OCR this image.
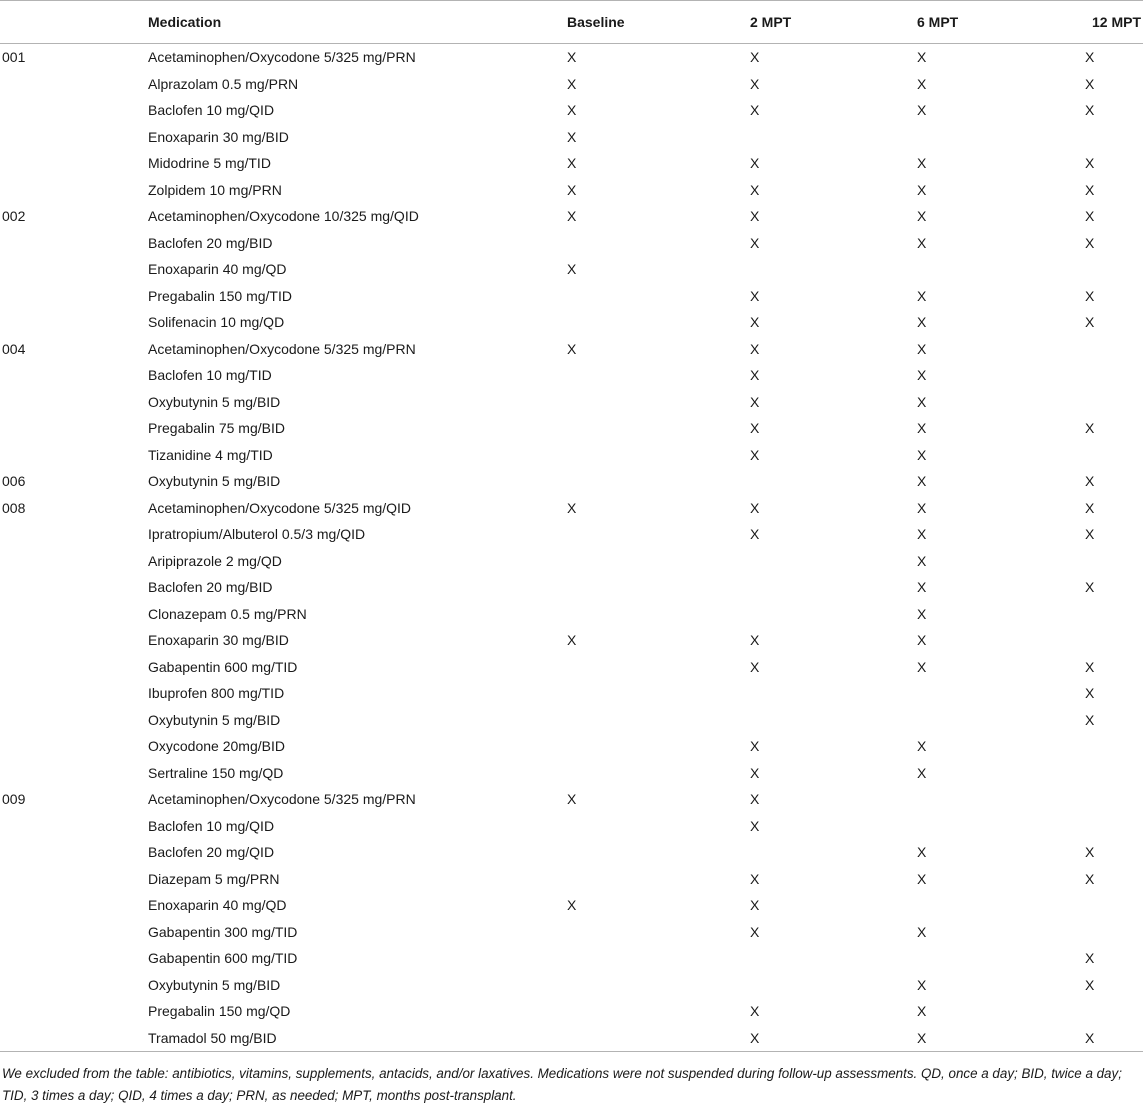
	Medication	Baseline	2 MPT	6 MPT	12 MPT
001	Acetaminophen/Oxycodone 5/325 mg/PRN	X	X	X	X
	Alprazolam 0.5 mg/PRN	X	X	X	X
	Baclofen 10 mg/QID	X	X	X	X
	Enoxaparin 30 mg/BID	X			
	Midodrine 5 mg/TID	X	X	X	X
	Zolpidem 10 mg/PRN	X	X	X	X
002	Acetaminophen/Oxycodone 10/325 mg/QID	X	X	X	X
	Baclofen 20 mg/BID		X	X	X
	Enoxaparin 40 mg/QD	X			
	Pregabalin 150 mg/TID		X	X	X
	Solifenacin 10 mg/QD		X	X	X
004	Acetaminophen/Oxycodone 5/325 mg/PRN	X	X	X	
	Baclofen 10 mg/TID		X	X	
	Oxybutynin 5 mg/BID		X	X	
	Pregabalin 75 mg/BID		X	X	X
	Tizanidine 4 mg/TID		X	X	
006	Oxybutynin 5 mg/BID			X	X
008	Acetaminophen/Oxycodone 5/325 mg/QID	X	X	X	X
	Ipratropium/Albuterol 0.5/3 mg/QID		X	X	X
	Aripiprazole 2 mg/QD			X	
	Baclofen 20 mg/BID			X	X
	Clonazepam 0.5 mg/PRN			X	
	Enoxaparin 30 mg/BID	X	X	X	
	Gabapentin 600 mg/TID		X	X	X
	Ibuprofen 800 mg/TID				X
	Oxybutynin 5 mg/BID				X
	Oxycodone 20mg/BID		X	X	
	Sertraline 150 mg/QD		X	X	
009	Acetaminophen/Oxycodone 5/325 mg/PRN	X	X		
	Baclofen 10 mg/QID		X		
	Baclofen 20 mg/QID			X	X
	Diazepam 5 mg/PRN		X	X	X
	Enoxaparin 40 mg/QD	X	X		
	Gabapentin 300 mg/TID		X	X	
	Gabapentin 600 mg/TID				X
	Oxybutynin 5 mg/BID			X	X
	Pregabalin 150 mg/QD		X	X	
	Tramadol 50 mg/BID		X	X	X
We excluded from the table: antibiotics, vitamins, supplements, antacids, and/or laxatives. Medications were not suspended during follow-up assessments. QD, once a day; BID, twice a day; TID, 3 times a day; QID, 4 times a day; PRN, as needed; MPT, months post-transplant.
